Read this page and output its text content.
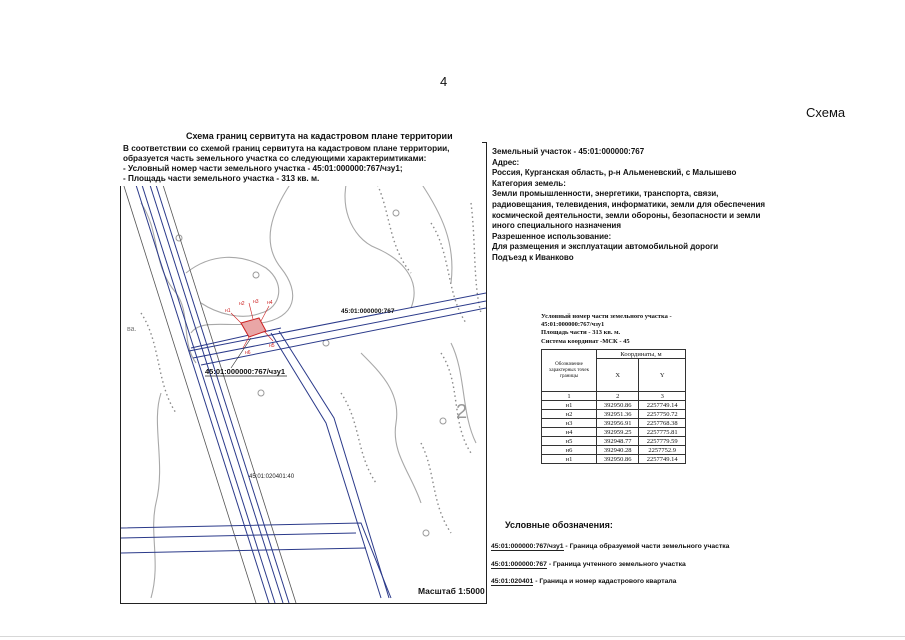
4
Схема
Схема границ сервитута на кадастровом плане территории
2
ва.
н1
н2 н3 н4
н5
н6
45:01:000000:767
45:01:000000:767/чзу1
45:01:020401:40
В соответствии со схемой границ сервитута на кадастровом плане территории,
образуется часть земельного участка со следующими характеримтиками:
- Условный номер части земельного участка - 45:01:000000:767/чзу1;
- Площадь части земельного участка - 313 кв. м.
Масштаб 1:5000
Земельный участок - 45:01:000000:767
Адрес:
Россия, Курганская область, р-н Альменевский, с Малышево
Категория земель:
Земли промышленности, энергетики, транспорта, связи,
радиовещания, телевидения, информатики, земли для обеспечения
космической деятельности, земли обороны, безопасности и земли
иного специального назначения
Разрешенное использование:
Для размещения и эксплуатации автомобильной дороги
Подъезд к Иванково
Условный номер части земельного участка -
45:01:000000:767/чзу1
Площадь части - 313 кв. м.
Система координат -МСК - 45
Обозначение характерных точек границы	Координаты, м	
	X	Y
1	2	3
н1	392950.86	2257749.14
н2	392951.36	2257750.72
н3	392956.91	2257768.38
н4	392959.25	2257775.81
н5	392948.77	2257779.59
н6	392940.28	2257752.9
н1	392950.86	2257749.14
Условные обозначения:
45:01:000000:767/чзу1 - Граница образуемой части земельного участка
45:01:000000:767 - Граница учтенного земельного участка
45:01:020401 - Граница и номер кадастрового квартала
